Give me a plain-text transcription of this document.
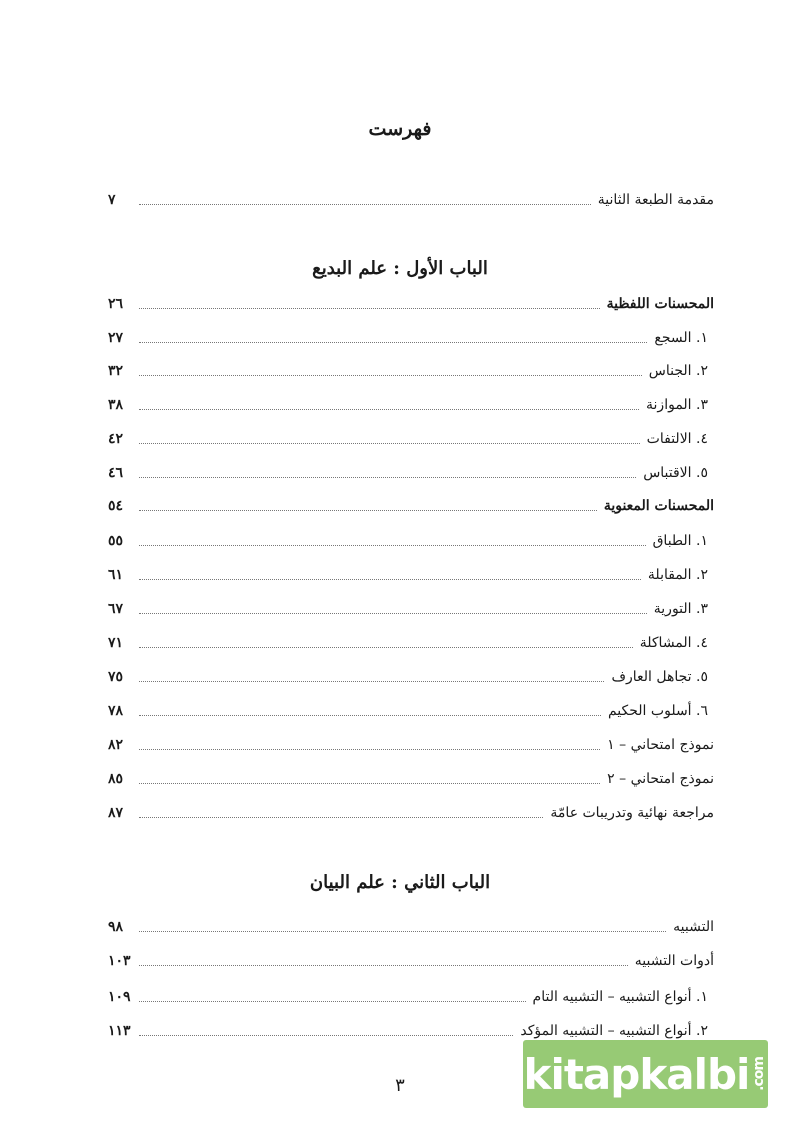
فهرست
مقدمة الطبعة الثانية
٧
الباب الأول : علم البديع
المحسنات اللفظية
٢٦
١. السجع
٢٧
٢. الجناس
٣٢
٣. الموازنة
٣٨
٤. الالتفات
٤٢
٥. الاقتباس
٤٦
المحسنات المعنوية
٥٤
١. الطباق
٥٥
٢. المقابلة
٦١
٣. التورية
٦٧
٤. المشاكلة
٧١
٥. تجاهل العارف
٧٥
٦. أسلوب الحكيم
٧٨
نموذج امتحاني – ١
٨٢
نموذج امتحاني – ٢
٨٥
مراجعة نهائية وتدريبات عامّة
٨٧
الباب الثاني : علم البيان
التشبيه
٩٨
أدوات التشبيه
١٠٣
١. أنواع التشبيه – التشبيه التام
١٠٩
٢. أنواع التشبيه – التشبيه المؤكد
١١٣
٣	kitapkalbi .com
